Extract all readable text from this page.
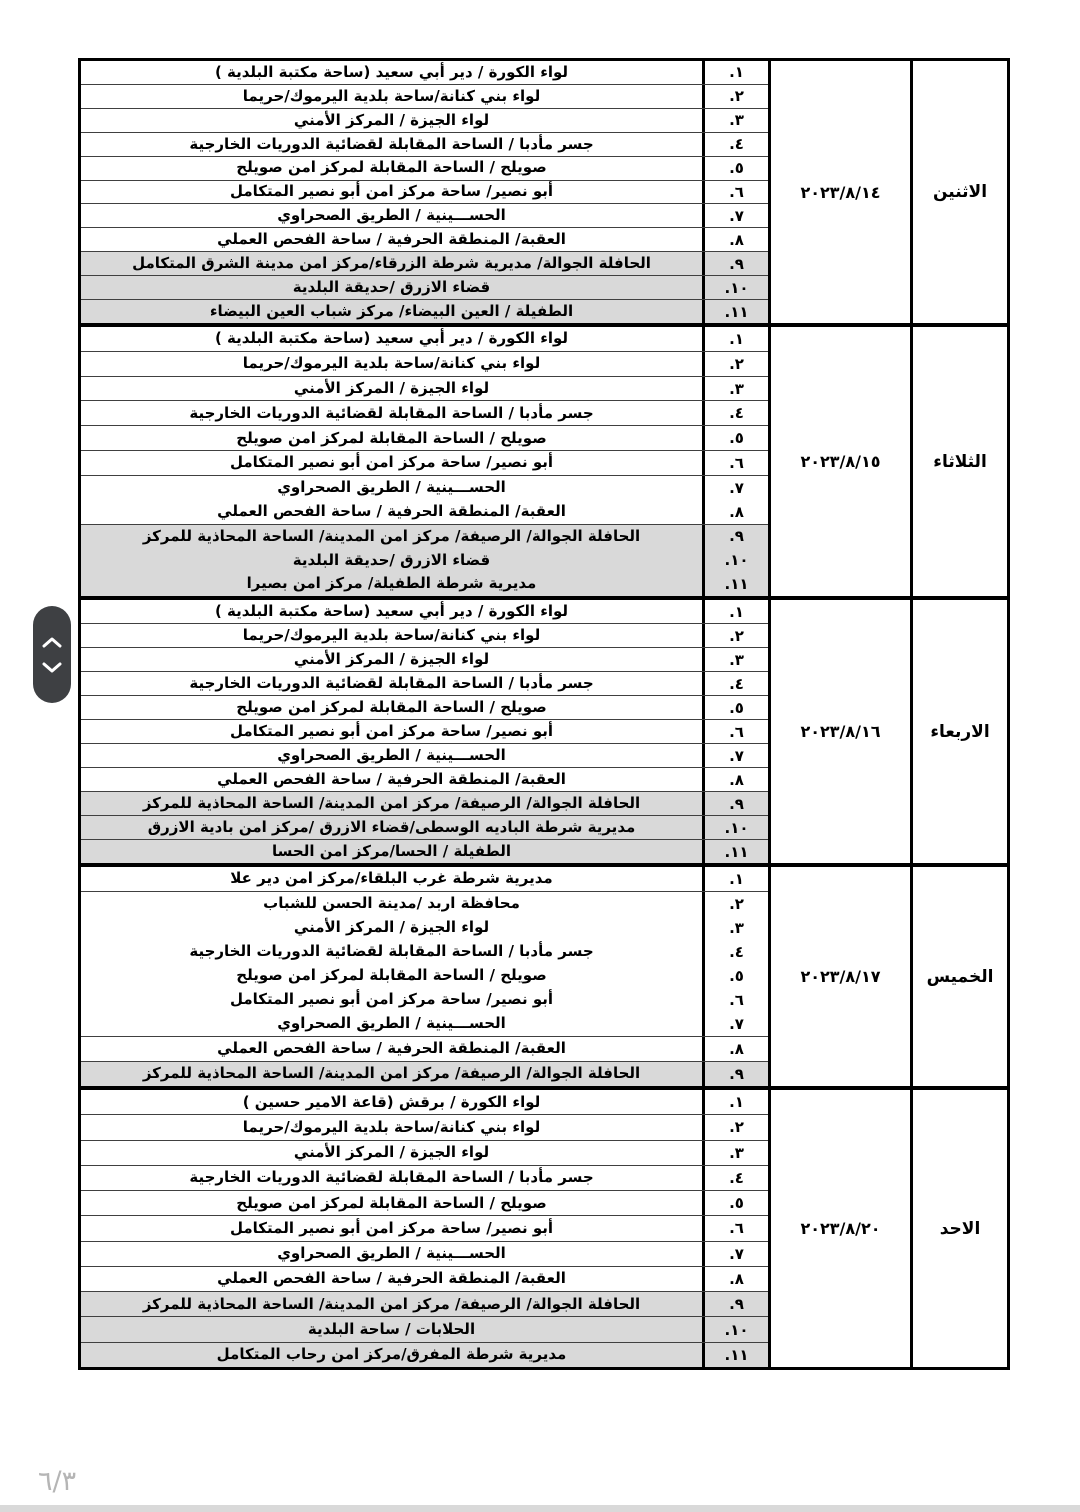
لواء الكورة / دير أبي سعيد (ساحة مكتبة البلدية )	١.
لواء بني كنانة/ساحة بلدية اليرموك/حريما	٢.
لواء الجيزة / المركز الأمني	٣.
جسر مأدبا / الساحة المقابلة لقضائية الدوريات الخارجية	٤.
صويلح / الساحة المقابلة لمركز امن صويلح	٥.
أبو نصير/ ساحة مركز امن أبو نصير المتكامل	٦.
الحســـينية / الطريق الصحراوي	٧.
العقبة/ المنطقة الحرفية / ساحة الفحص العملي	٨.
الحافلة الجوالة/ مديرية شرطة الزرقاء/مركز امن مدينة الشرق المتكامل	٩.
قضاء الازرق /حديقة البلدية	١٠.
الطفيلة / العين البيضاء/ مركز شباب العين البيضاء	١١.
٢٠٢٣/٨/١٤	الاثنين
لواء الكورة / دير أبي سعيد (ساحة مكتبة البلدية )	١.
لواء بني كنانة/ساحة بلدية اليرموك/حريما	٢.
لواء الجيزة / المركز الأمني	٣.
جسر مأدبا / الساحة المقابلة لقضائية الدوريات الخارجية	٤.
صويلح / الساحة المقابلة لمركز امن صويلح	٥.
أبو نصير/ ساحة مركز امن أبو نصير المتكامل	٦.
الحســـينية / الطريق الصحراوي	٧.
العقبة/ المنطقة الحرفية / ساحة الفحص العملي	٨.
الحافلة الجوالة/ الرصيفة/ مركز امن المدينة/ الساحة المحاذية للمركز	٩.
قضاء الازرق /حديقة البلدية	١٠.
مديرية شرطة الطفيلة/ مركز امن بصيرا	١١.
٢٠٢٣/٨/١٥	الثلاثاء
لواء الكورة / دير أبي سعيد (ساحة مكتبة البلدية )	١.
لواء بني كنانة/ساحة بلدية اليرموك/حريما	٢.
لواء الجيزة / المركز الأمني	٣.
جسر مأدبا / الساحة المقابلة لقضائية الدوريات الخارجية	٤.
صويلح / الساحة المقابلة لمركز امن صويلح	٥.
أبو نصير/ ساحة مركز امن أبو نصير المتكامل	٦.
الحســـينية / الطريق الصحراوي	٧.
العقبة/ المنطقة الحرفية / ساحة الفحص العملي	٨.
الحافلة الجوالة/ الرصيفة/ مركز امن المدينة/ الساحة المحاذية للمركز	٩.
مديرية شرطة الباديه الوسطى/قضاء الازرق /مركز امن بادية الازرق	١٠.
الطفيلة / الحسا/مركز امن الحسا	١١.
٢٠٢٣/٨/١٦	الاربعاء
مديرية شرطة غرب البلقاء/مركز امن دير علا	١.
محافظة اربد /مدينة الحسن للشباب	٢.
لواء الجيزة / المركز الأمني	٣.
جسر مأدبا / الساحة المقابلة لقضائية الدوريات الخارجية	٤.
صويلح / الساحة المقابلة لمركز امن صويلح	٥.
أبو نصير/ ساحة مركز امن أبو نصير المتكامل	٦.
الحســـينية / الطريق الصحراوي	٧.
العقبة/ المنطقة الحرفية / ساحة الفحص العملي	٨.
الحافلة الجوالة/ الرصيفة/ مركز امن المدينة/ الساحة المحاذية للمركز	٩.
٢٠٢٣/٨/١٧	الخميس
لواء الكورة / برقش (قاعة الامير حسين )	١.
لواء بني كنانة/ساحة بلدية اليرموك/حريما	٢.
لواء الجيزة / المركز الأمني	٣.
جسر مأدبا / الساحة المقابلة لقضائية الدوريات الخارجية	٤.
صويلح / الساحة المقابلة لمركز امن صويلح	٥.
أبو نصير/ ساحة مركز امن أبو نصير المتكامل	٦.
الحســـينية / الطريق الصحراوي	٧.
العقبة/ المنطقة الحرفية / ساحة الفحص العملي	٨.
الحافلة الجوالة/ الرصيفة/ مركز امن المدينة/ الساحة المحاذية للمركز	٩.
الحلابات / ساحة البلدية	١٠.
مديرية شرطة المفرق/مركز امن رحاب المتكامل	١١.
٢٠٢٣/٨/٢٠	الاحد
٦/٣
